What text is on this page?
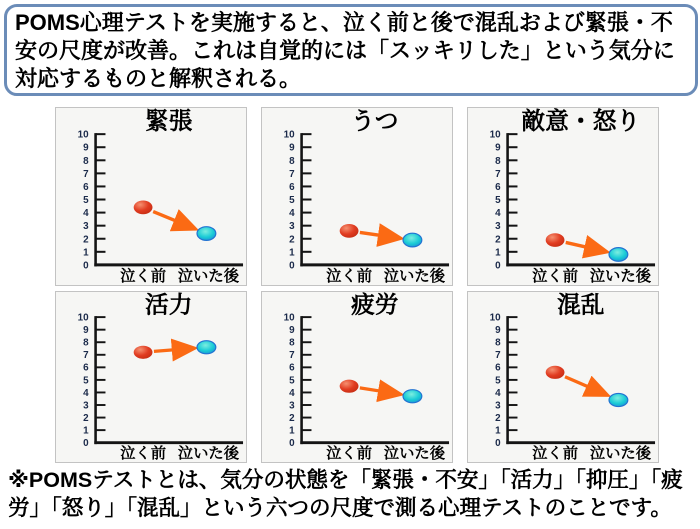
POMS心理テストを実施すると、泣く前と後で混乱および緊張・不
安の尺度が改善。これは自覚的には「スッキリした」という気分に
対応するものと解釈される。
緊張
0
1
2
3
4
5
6
7
8
9
10
泣く前 泣いた後
うつ
0
1
2
3
4
5
6
7
8
9
10
泣く前 泣いた後
敵意・怒り
0
1
2
3
4
5
6
7
8
9
10
泣く前 泣いた後
活力
0
1
2
3
4
5
6
7
8
9
10
泣く前 泣いた後
疲労
0
1
2
3
4
5
6
7
8
9
10
泣く前 泣いた後
混乱
0
1
2
3
4
5
6
7
8
9
10
泣く前 泣いた後
※POMSテストとは、気分の状態を「緊張・不安」「活力」「抑圧」「疲
労」「怒り」「混乱」という六つの尺度で測る心理テストのことです。
